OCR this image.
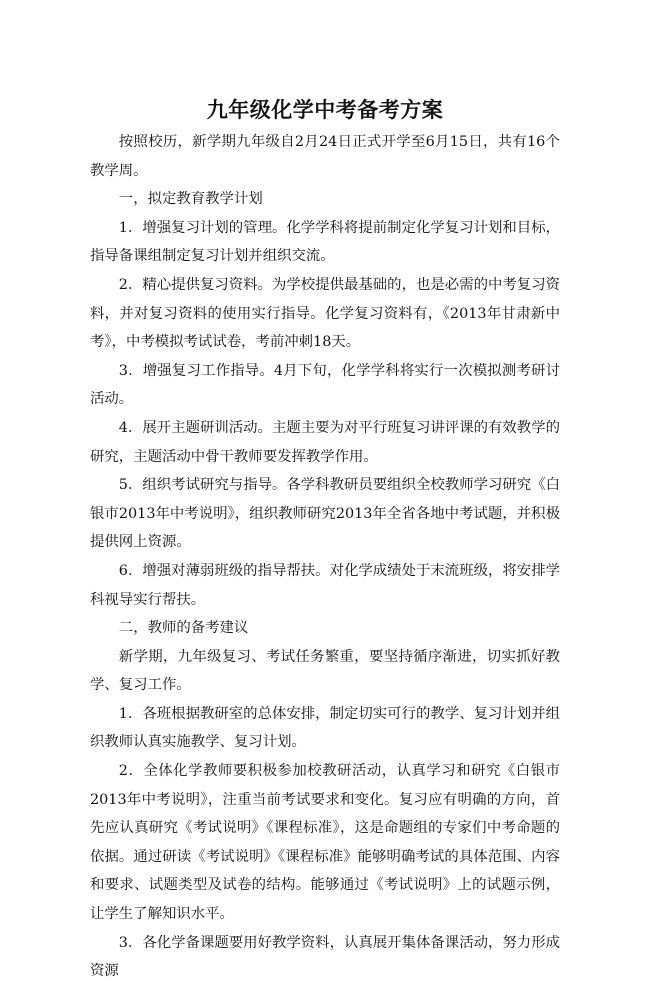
九年级化学中考备考方案

按照校历，新学期九年级自2月24日正式开学至6月15日，共有16个教学周。

一，拟定教育教学计划

1．增强复习计划的管理。化学学科将提前制定化学复习计划和目标，指导备课组制定复习计划并组织交流。

2．精心提供复习资料。为学校提供最基础的，也是必需的中考复习资料，并对复习资料的使用实行指导。化学复习资料有，《2013年甘肃新中考》，中考模拟考试试卷，考前冲刺18天。

3．增强复习工作指导。4月下旬，化学学科将实行一次模拟测考研讨活动。

4．展开主题研训活动。主题主要为对平行班复习讲评课的有效教学的研究，主题活动中骨干教师要发挥教学作用。

5．组织考试研究与指导。各学科教研员要组织全校教师学习研究《白银市2013年中考说明》，组织教师研究2013年全省各地中考试题，并积极提供网上资源。

6．增强对薄弱班级的指导帮扶。对化学成绩处于末流班级，将安排学科视导实行帮扶。

二，教师的备考建议

新学期，九年级复习、考试任务繁重，要坚持循序渐进，切实抓好教学、复习工作。

1．各班根据教研室的总体安排，制定切实可行的教学、复习计划并组织教师认真实施教学、复习计划。

2．全体化学教师要积极参加校教研活动，认真学习和研究《白银市2013年中考说明》，注重当前考试要求和变化。复习应有明确的方向，首先应认真研究《考试说明》《课程标准》，这是命题组的专家们中考命题的依据。通过研读《考试说明》《课程标准》能够明确考试的具体范围、内容和要求、试题类型及试卷的结构。能够通过《考试说明》上的试题示例，让学生了解知识水平。

3．各化学备课题要用好教学资料，认真展开集体备课活动，努力形成资源
